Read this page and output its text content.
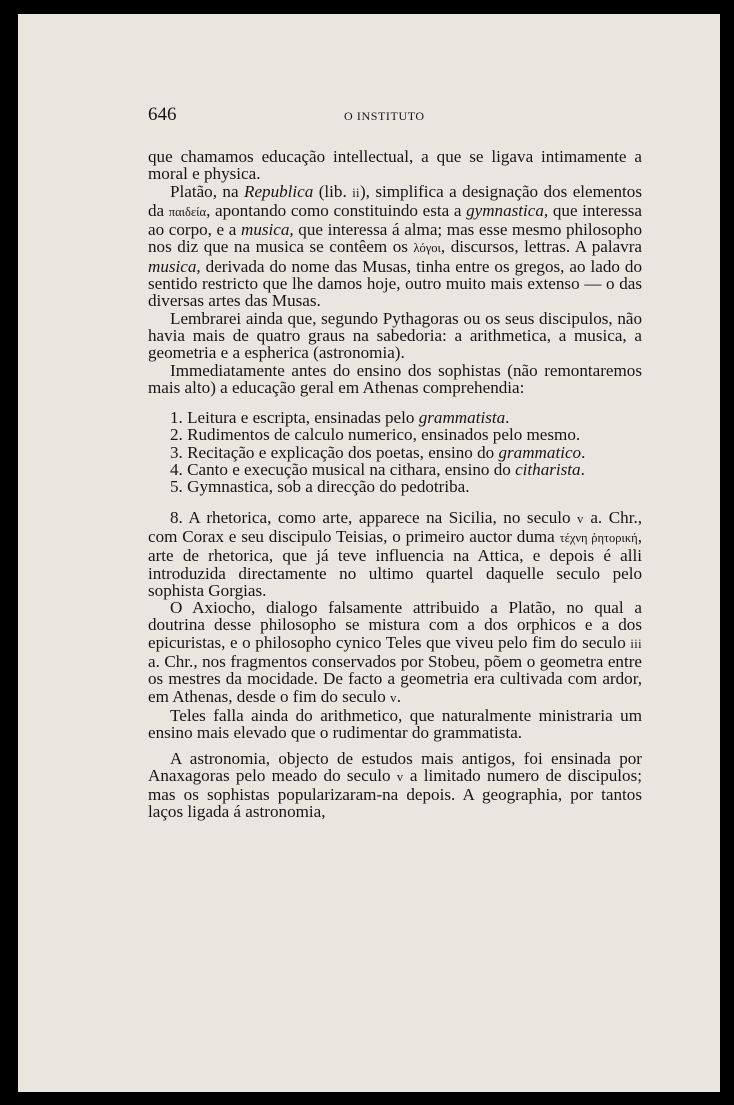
646	O INSTITUTO

que chamamos educação intellectual, a que se ligava intimamente a moral e physica.

Platão, na Republica (lib. ii), simplifica a designação dos elementos da παιδεία, apontando como constituindo esta a gymnastica, que interessa ao corpo, e a musica, que interessa á alma; mas esse mesmo philosopho nos diz que na musica se contêem os λόγοι, discursos, lettras. A palavra musica, derivada do nome das Musas, tinha entre os gregos, ao lado do sentido restricto que lhe damos hoje, outro muito mais extenso — o das diversas artes das Musas.

Lembrarei ainda que, segundo Pythagoras ou os seus discipulos, não havia mais de quatro graus na sabedoria: a arithmetica, a musica, a geometria e a espherica (astronomia).

Immediatamente antes do ensino dos sophistas (não remontaremos mais alto) a educação geral em Athenas comprehendia:

1. Leitura e escripta, ensinadas pelo grammatista.
2. Rudimentos de calculo numerico, ensinados pelo mesmo.
3. Recitação e explicação dos poetas, ensino do grammatico.
4. Canto e execução musical na cithara, ensino do citharista.
5. Gymnastica, sob a direcção do pedotriba.

8. A rhetorica, como arte, apparece na Sicilia, no seculo v a. Chr., com Corax e seu discipulo Teisias, o primeiro auctor duma τέχνη ῥητορική, arte de rhetorica, que já teve influencia na Attica, e depois é alli introduzida directamente no ultimo quartel daquelle seculo pelo sophista Gorgias.

O Axiocho, dialogo falsamente attribuido a Platão, no qual a doutrina desse philosopho se mistura com a dos orphicos e a dos epicuristas, e o philosopho cynico Teles que viveu pelo fim do seculo iii a. Chr., nos fragmentos conservados por Stobeu, põem o geometra entre os mestres da mocidade. De facto a geometria era cultivada com ardor, em Athenas, desde o fim do seculo v.

Teles falla ainda do arithmetico, que naturalmente ministraria um ensino mais elevado que o rudimentar do grammatista.

A astronomia, objecto de estudos mais antigos, foi ensinada por Anaxagoras pelo meado do seculo v a limitado numero de discipulos; mas os sophistas popularizaram-na depois. A geographia, por tantos laços ligada á astronomia,
